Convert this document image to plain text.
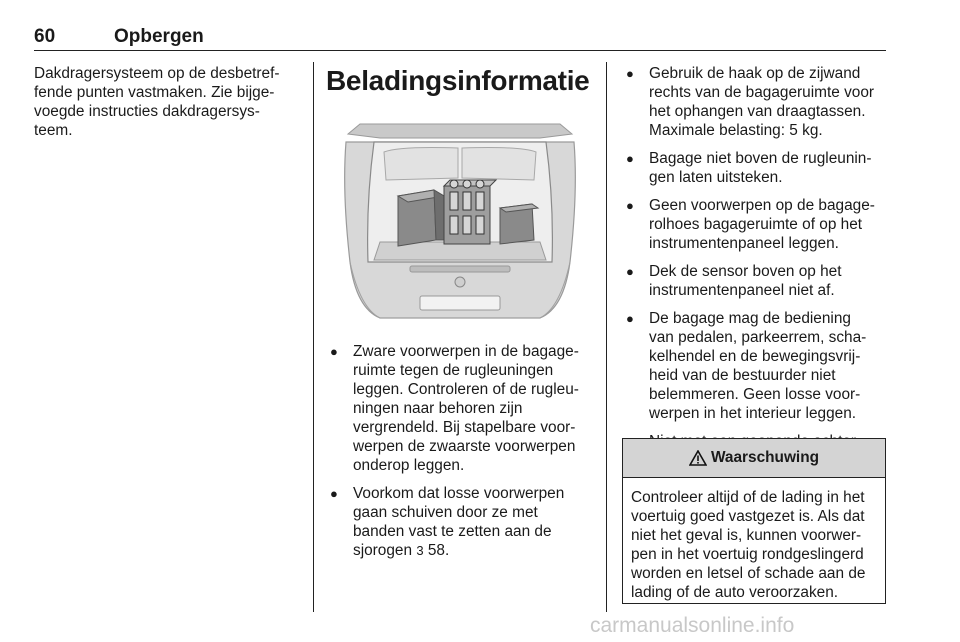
60	Opbergen

Dakdragersysteem op de desbetref-

fende punten vastmaken. Zie bijge-

voegde instructies dakdragersys-

teem.

Beladingsinformatie
● Zware voorwerpen in de bagage-
ruimte tegen de rugleuningen
leggen. Controleren of de rugleu-
ningen naar behoren zijn
vergrendeld. Bij stapelbare voor-
werpen de zwaarste voorwerpen
onderop leggen.
● Voorkom dat losse voorwerpen
gaan schuiven door ze met
banden vast te zetten aan de
sjorogen 3 58.
● Gebruik de haak op de zijwand
rechts van de bagageruimte voor
het ophangen van draagtassen.
Maximale belasting: 5 kg.
● Bagage niet boven de rugleunin-
gen laten uitsteken.
● Geen voorwerpen op de bagage-
rolhoes bagageruimte of op het
instrumentenpaneel leggen.
● Dek de sensor boven op het
instrumentenpaneel niet af.
● De bagage mag de bediening
van pedalen, parkeerrem, scha-
kelhendel en de bewegingsvrij-
heid van de bestuurder niet
belemmeren. Geen losse voor-
werpen in het interieur leggen.
Waarschuwing

Controleer altijd of de lading in het

voertuig goed vastgezet is. Als dat

niet het geval is, kunnen voorwer-

pen in het voertuig rondgeslingerd

worden en letsel of schade aan de

lading of de auto veroorzaken.

carmanualsonline.info
